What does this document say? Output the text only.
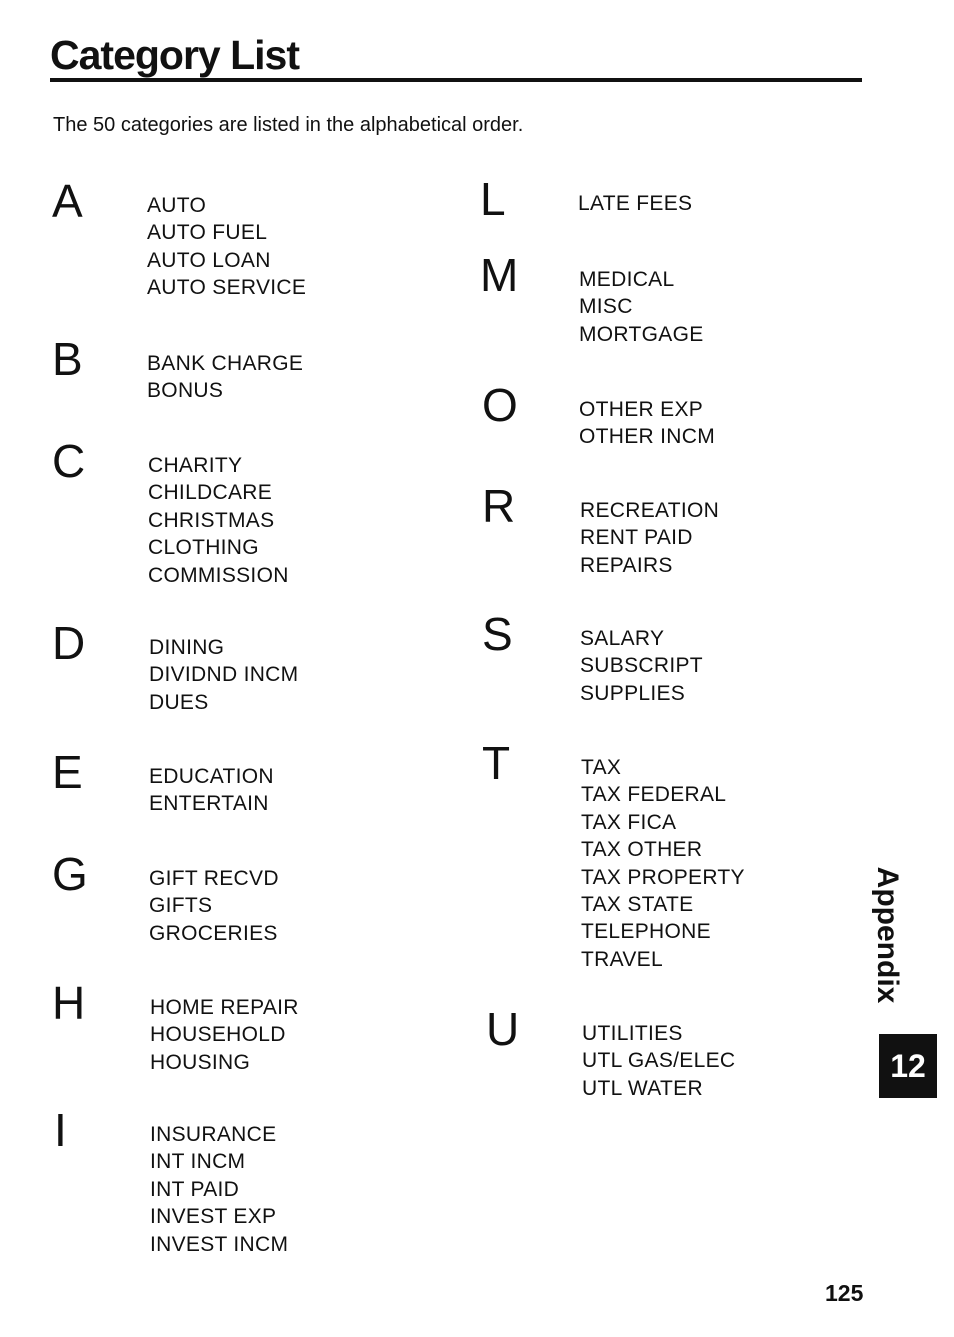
Category List

The 50 categories are listed in the alphabetical order.

A	AUTO
AUTO FUEL
AUTO LOAN
AUTO SERVICE
B	BANK CHARGE
BONUS
C	CHARITY
CHILDCARE
CHRISTMAS
CLOTHING
COMMISSION
D	DINING
DIVIDND INCM
DUES
E	EDUCATION
ENTERTAIN
G	GIFT RECVD
GIFTS
GROCERIES
H	HOME REPAIR
HOUSEHOLD
HOUSING
I	INSURANCE
INT INCM
INT PAID
INVEST EXP
INVEST INCM
L	LATE FEES
M	MEDICAL
MISC
MORTGAGE
O	OTHER EXP
OTHER INCM
R	RECREATION
RENT PAID
REPAIRS
S	SALARY
SUBSCRIPT
SUPPLIES
T	TAX
TAX FEDERAL
TAX FICA
TAX OTHER
TAX PROPERTY
TAX STATE
TELEPHONE
TRAVEL
U	UTILITIES
UTL GAS/ELEC
UTL WATER
Appendix
12
125
